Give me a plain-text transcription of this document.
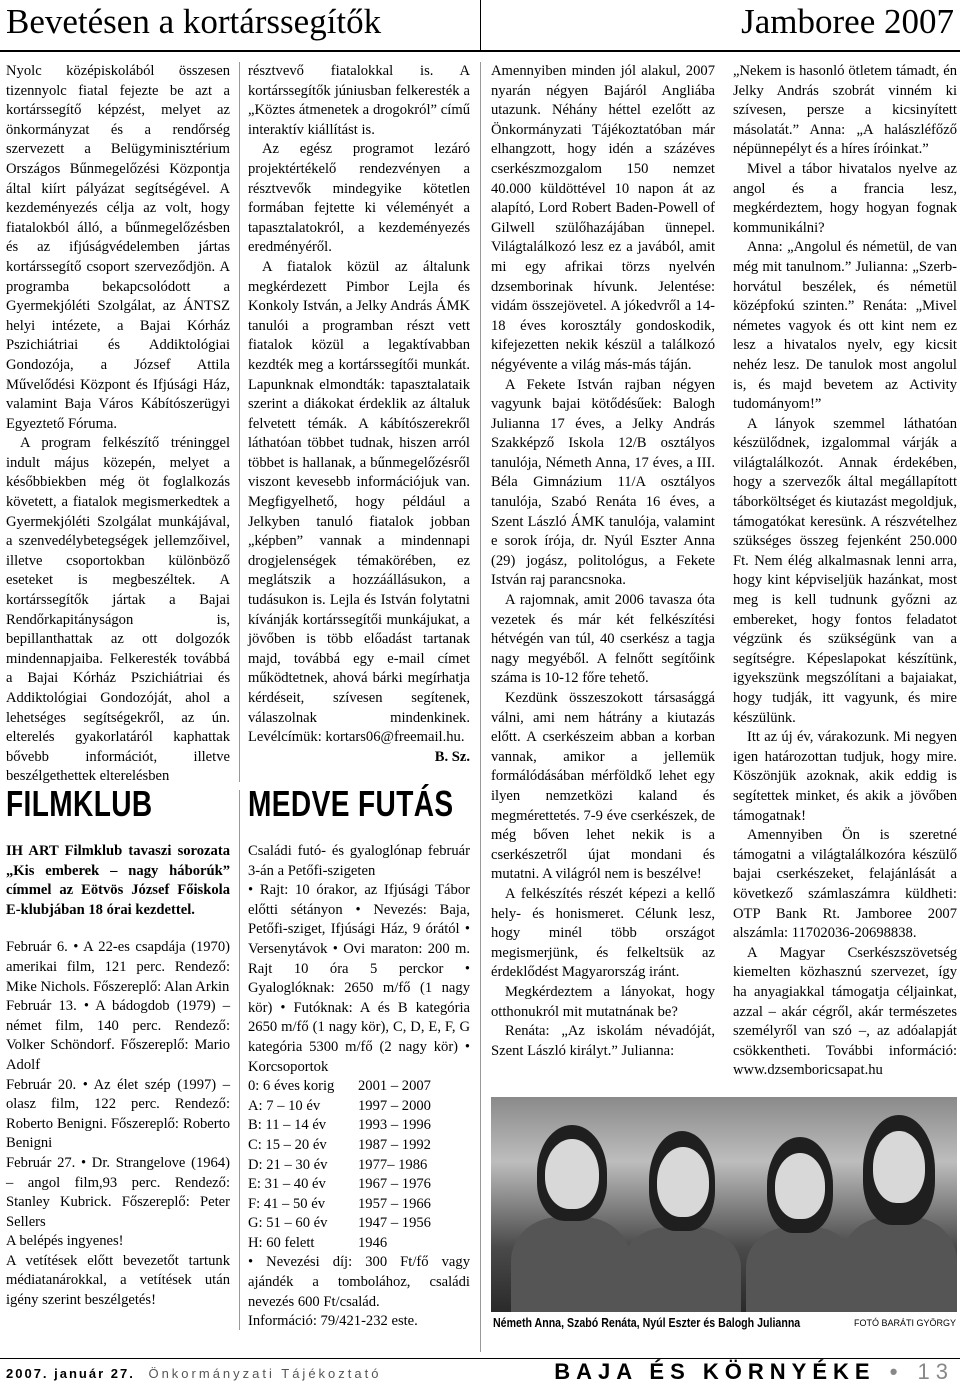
Bevetésen a kortárssegítők	Jamboree 2007

Nyolc középiskolából összesen tizennyolc fiatal fejezte be azt a kortárssegítő képzést, melyet az önkormányzat és a rendőrség szervezett a Belügyminisztérium Országos Bűnmegelőzési Központja által kiírt pályázat segítségével. A kezdeményezés célja az volt, hogy fiatalokból álló, a bűnmegelőzésben és az ifjúságvédelemben jártas kortárssegítő csoport szerveződjön. A programba bekapcsolódott a Gyermekjóléti Szolgálat, az ÁNTSZ helyi intézete, a Bajai Kórház Pszichiátriai és Addiktológiai Gondozója, a József Attila Művelődési Központ és Ifjúsági Ház, valamint Baja Város Kábítószerügyi Egyeztető Fóruma.

A program felkészítő tréninggel indult május közepén, melyet a későbbiekben még öt foglalkozás követett, a fiatalok megismerkedtek a Gyermekjóléti Szolgálat munkájával, a szenvedélybetegségek jellemzőivel, illetve csoportokban különböző eseteket is megbeszéltek. A kortárssegítők jártak a Bajai Rendőrkapitányságon is, bepillanthattak az ott dolgozók mindennapjaiba. Felkeresték továbbá a Bajai Kórház Pszichiátriai és Addiktológiai Gondozóját, ahol a lehetséges segítségekről, az ún. elterelés gyakorlatáról kaphattak bővebb információt, illetve beszélgethettek elterelésben

résztvevő fiatalokkal is. A kortárssegítők júniusban felkeresték a „Köztes átmenetek a drogokról” című interaktív kiállítást is.

Az egész programot lezáró projektértékelő rendezvényen a résztvevők mindegyike kötetlen formában fejtette ki véleményét a tapasztalatokról, a kezdeményezés eredményéről.

A fiatalok közül az általunk megkérdezett Pimbor Lejla és Konkoly István, a Jelky András ÁMK tanulói a programban részt vett fiatalok közül a legaktívabban kezdték meg a kortárssegítői munkát. Lapunknak elmondták: tapasztalataik szerint a diákokat érdeklik az általuk felvetett témák. A kábítószerekről láthatóan többet tudnak, hiszen arról többet is hallanak, a bűnmegelőzésről viszont kevesebb információjuk van. Megfigyelhető, hogy például a Jelkyben tanuló fiatalok jobban „képben” vannak a mindennapi drogjelenségek témakörében, ez meglátszik a hozzáállásukon, a tudásukon is. Lejla és István folytatni kívánják kortárssegítői munkájukat, a jövőben is több előadást tartanak majd, továbbá egy e-mail címet működtetnek, ahová bárki megírhatja kérdéseit, szívesen segítenek, válaszolnak mindenkinek. Levélcímük: kortars06@freemail.hu.
B. Sz.

Amennyiben minden jól alakul, 2007 nyarán négyen Bajáról Angliába utazunk. Néhány héttel ezelőtt az Önkormányzati Tájékoztatóban már elhangzott, hogy idén a százéves cserkészmozgalom 150 nemzet 40.000 küldöttével 10 napon át az alapító, Lord Robert Baden-Powell of Gilwell szülőhazájában ünnepel. Világtalálkozó lesz ez a javából, amit mi egy afrikai törzs nyelvén dzsemborinak hívunk. Jelentése: vidám összejövetel. A jókedvről a 14-18 éves korosztály gondoskodik, kifejezetten nekik készül a találkozó négyévente a világ más-más táján.

A Fekete István rajban négyen vagyunk bajai kötődésűek: Balogh Julianna 17 éves, a Jelky András Szakképző Iskola 12/B osztályos tanulója, Németh Anna, 17 éves, a III. Béla Gimnázium 11/A osztályos tanulója, Szabó Renáta 16 éves, a Szent László ÁMK tanulója, valamint e sorok írója, dr. Nyúl Eszter Anna (29) jogász, politológus, a Fekete István raj parancsnoka.

A rajomnak, amit 2006 tavasza óta vezetek és már két felkészítési hétvégén van túl, 40 cserkész a tagja nagy megyéből. A felnőtt segítőink száma is 10-12 főre tehető.

Kezdünk összeszokott társasággá válni, ami nem hátrány a kiutazás előtt. A cserkészeim abban a korban vannak, amikor a jellemük formálódásában mérföldkő lehet egy ilyen nemzetközi kaland és megmérettetés. 7-9 éve cserkészek, de még bőven lehet nekik is a cserkészetről újat mondani és mutatni. A világról nem is beszélve!

A felkészítés részét képezi a kellő hely- és honismeret. Célunk lesz, hogy minél több országot megismerjünk, és felkeltsük az érdeklődést Magyarország iránt.

Megkérdeztem a lányokat, hogy otthonukról mit mutatnának be?

Renáta: „Az iskolám névadóját, Szent László királyt.” Julianna:

„Nekem is hasonló ötletem támadt, én Jelky András szobrát vinném ki szívesen, persze a kicsinyített másolatát.” Anna: „A halászléfőző népünnepélyt és a híres íróinkat.”

Mivel a tábor hivatalos nyelve az angol és a francia lesz, megkérdeztem, hogy hogyan fognak kommunikálni?

Anna: „Angolul és németül, de van még mit tanulnom.” Julianna: „Szerb-horvátul beszélek, és németül középfokú szinten.” Renáta: „Mivel németes vagyok és ott kint nem ez lesz a hivatalos nyelv, egy kicsit nehéz lesz. De tanulok most angolul is, és majd bevetem az Activity tudományom!”

A lányok szemmel láthatóan készülődnek, izgalommal várják a világtalálkozót. Annak érdekében, hogy a szervezők által megállapított táborköltséget és kiutazást megoldjuk, támogatókat keresünk. A részvételhez szükséges összeg fejenként 250.000 Ft. Nem élég alkalmasnak lenni arra, hogy kint képviseljük hazánkat, most meg is kell tudnunk győzni az embereket, hogy fontos feladatot végzünk és szükségünk van a segítségre. Képeslapokat készítünk, igyekszünk megszólítani a bajaiakat, hogy tudják, itt vagyunk, és mire készülünk.

Itt az új év, várakozunk. Mi negyen igen határozottan tudjuk, hogy mire. Köszönjük azoknak, akik eddig is segítettek minket, és akik a jövőben támogatnak!

Amennyiben Ön is szeretné támogatni a világtalálkozóra készülő bajai cserkészeket, felajánlását a következő számlaszámra küldheti: OTP Bank Rt. Jamboree 2007 alszámla: 11702036-20698838.

A Magyar Cserkészszövetség kiemelten közhasznú szervezet, így ha anyagiakkal támogatja céljainkat, azzal – akár cégről, akár természetes személyről van szó –, az adóalapját csökkentheti. További információ: www.dzsemboricsapat.hu

FILMKLUB

IH ART Filmklub tavaszi sorozata „Kis emberek – nagy háborúk” címmel az Eötvös József Főiskola E-klubjában 18 órai kezdettel.

Február 6. • A 22-es csapdája (1970) amerikai film, 121 perc. Rendező: Mike Nichols. Főszereplő: Alan Arkin

Február 13. • A bádogdob (1979) – német film, 140 perc. Rendező: Volker Schöndorf. Főszereplő: Mario Adolf

Február 20. • Az élet szép (1997) – olasz film, 122 perc. Rendező: Roberto Benigni. Főszereplő: Roberto Benigni

Február 27. • Dr. Strangelove (1964) – angol film,93 perc. Rendező: Stanley Kubrick. Főszereplő: Peter Sellers

A belépés ingyenes!

A vetítések előtt bevezetőt tartunk médiatanárokkal, a vetítések után igény szerint beszélgetés!

MEDVE FUTÁS

Családi futó- és gyaloglónap február 3-án a Petőfi-szigeten

• Rajt: 10 órakor, az Ifjúsági Tábor előtti sétányon • Nevezés: Baja, Petőfi-sziget, Ifjúsági Ház, 9 órától • Versenytávok • Ovi maraton: 200 m. Rajt 10 óra 5 perckor • Gyaloglóknak: 2650 m/fő (1 nagy kör) • Futóknak: A és B kategória 2650 m/fő (1 nagy kör), C, D, E, F, G kategória 5300 m/fő (2 nagy kör) • Korcsoportok

0: 6 éves korig	2001 – 2007
A: 7 – 10 év	1997 – 2000
B: 11 – 14 év	1993 – 1996
C: 15 – 20 év	1987 – 1992
D: 21 – 30 év	1977– 1986
E: 31 – 40 év	1967 – 1976
F: 41 – 50 év	1957 – 1966
G: 51 – 60 év	1947 – 1956
H: 60 felett	1946

• Nevezési díj: 300 Ft/fő vagy ajándék a tombolához, családi nevezés 600 Ft/család.

Információ: 79/421-232 este.	Németh Anna, Szabó Renáta, Nyúl Eszter és Balogh Julianna	FOTÓ BARÁTI GYÖRGY
2007. január 27. Önkormányzati Tájékoztató	BAJA ÉS KÖRNYÉKE • 13
